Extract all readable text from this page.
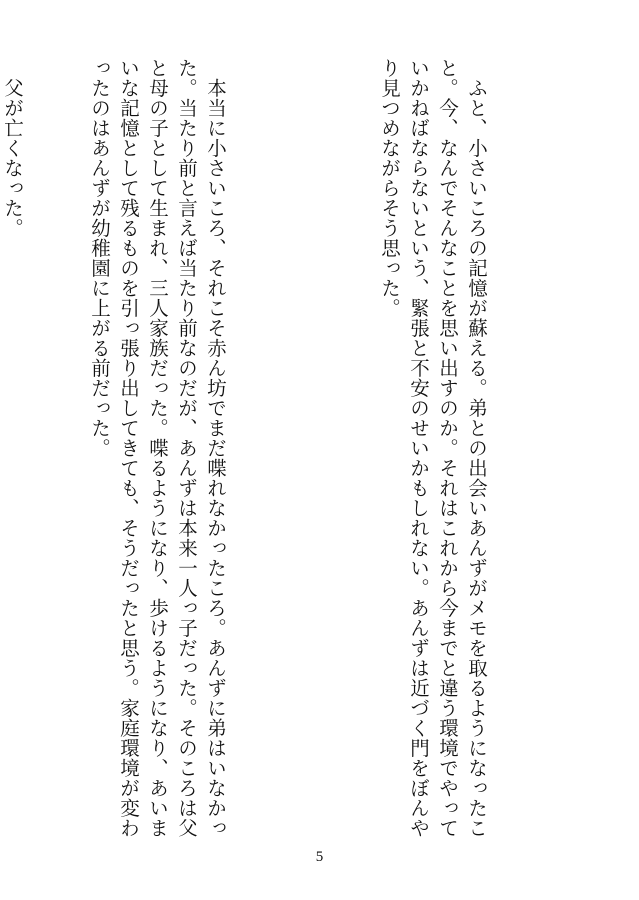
　ふと、小さいころの記憶が蘇える。弟との出会いあんずがメモを取るようになったこと。今、なんでそんなことを思い出すのか。それはこれから今までと違う環境でやっていかねばならないという、緊張と不安のせいかもしれない。あんずは近づく門をぼんやり見つめながらそう思った。

　本当に小さいころ、それこそ赤ん坊でまだ喋れなかったころ。あんずに弟はいなかった。当たり前と言えば当たり前なのだが、あんずは本来一人っ子だった。そのころは父と母の子として生まれ、三人家族だった。喋るようになり、歩けるようになり、あいまいな記憶として残るものを引っ張り出してきても、そうだったと思う。家庭環境が変わったのはあんずが幼稚園に上がる前だった。

　父が亡くなった。

5
